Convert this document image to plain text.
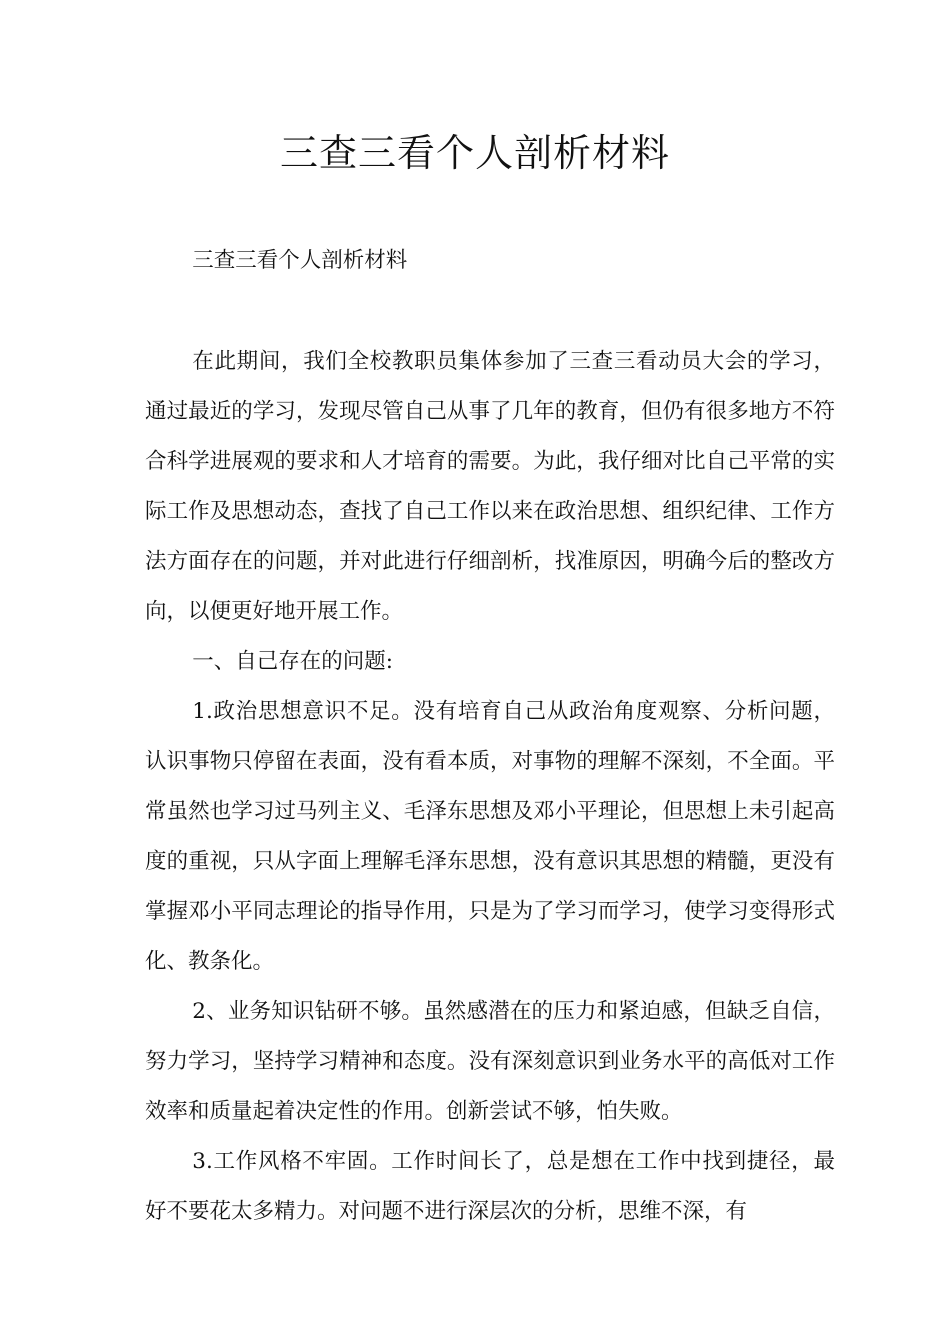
三查三看个人剖析材料

三查三看个人剖析材料

在此期间，我们全校教职员集体参加了三查三看动员大会的学习，通过最近的学习，发现尽管自己从事了几年的教育，但仍有很多地方不符合科学进展观的要求和人才培育的需要。为此，我仔细对比自己平常的实际工作及思想动态，查找了自己工作以来在政治思想、组织纪律、工作方法方面存在的问题，并对此进行仔细剖析，找准原因，明确今后的整改方向，以便更好地开展工作。

一、自己存在的问题:

1.政治思想意识不足。没有培育自己从政治角度观察、分析问题，认识事物只停留在表面，没有看本质，对事物的理解不深刻，不全面。平常虽然也学习过马列主义、毛泽东思想及邓小平理论，但思想上未引起高度的重视，只从字面上理解毛泽东思想，没有意识其思想的精髓，更没有掌握邓小平同志理论的指导作用，只是为了学习而学习，使学习变得形式化、教条化。

2、业务知识钻研不够。虽然感潜在的压力和紧迫感，但缺乏自信，努力学习，坚持学习精神和态度。没有深刻意识到业务水平的高低对工作效率和质量起着决定性的作用。创新尝试不够，怕失败。

3.工作风格不牢固。工作时间长了，总是想在工作中找到捷径，最好不要花太多精力。对问题不进行深层次的分析，思维不深，有
